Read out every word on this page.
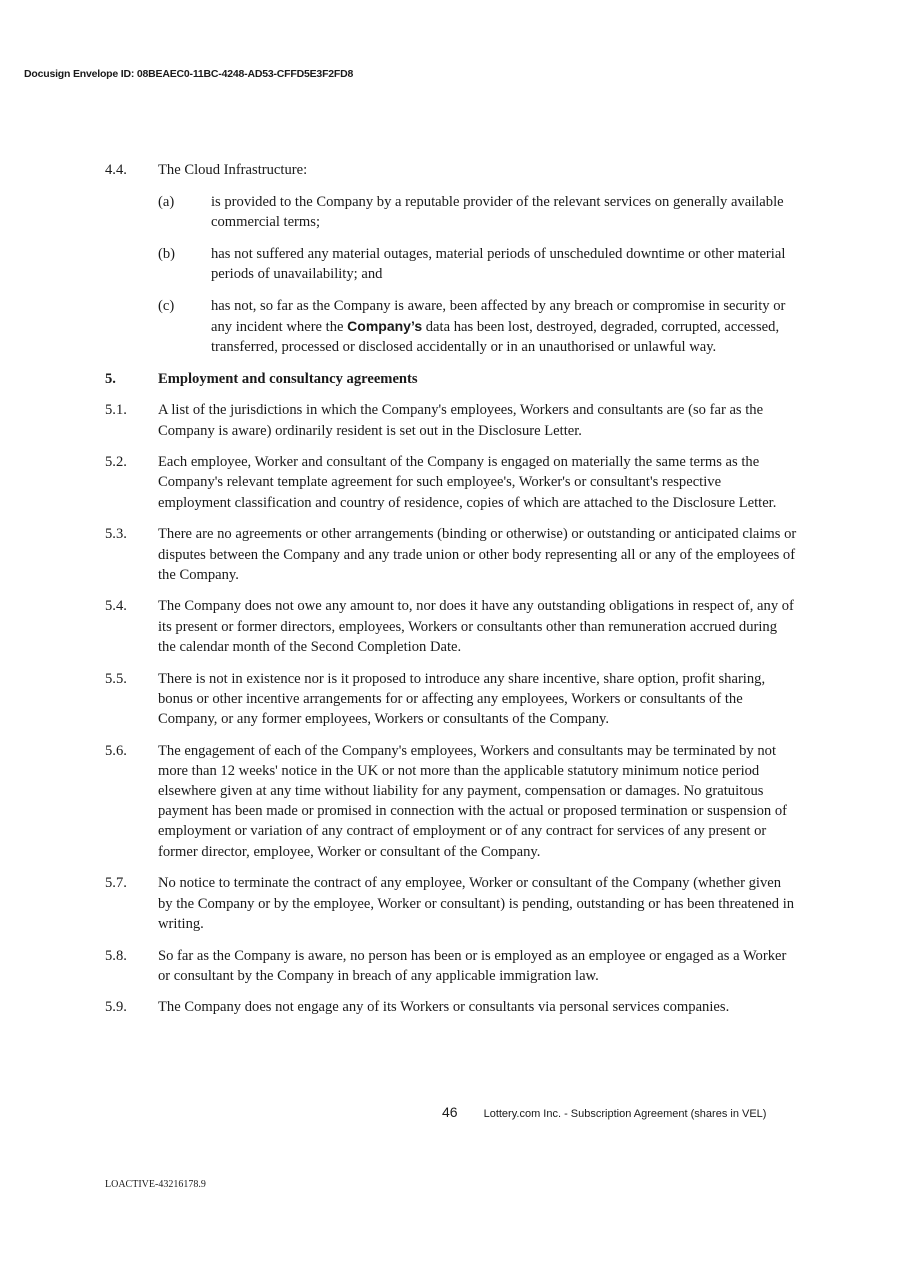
Docusign Envelope ID: 08BEAEC0-11BC-4248-AD53-CFFD5E3F2FD8
4.4.	The Cloud Infrastructure:
(a)	is provided to the Company by a reputable provider of the relevant services on generally available commercial terms;
(b)	has not suffered any material outages, material periods of unscheduled downtime or other material periods of unavailability; and
(c)	has not, so far as the Company is aware, been affected by any breach or compromise in security or any incident where the Company’s data has been lost, destroyed, degraded, corrupted, accessed, transferred, processed or disclosed accidentally or in an unauthorised or unlawful way.
5.	Employment and consultancy agreements
5.1.	A list of the jurisdictions in which the Company's employees, Workers and consultants are (so far as the Company is aware) ordinarily resident is set out in the Disclosure Letter.
5.2.	Each employee, Worker and consultant of the Company is engaged on materially the same terms as the Company's relevant template agreement for such employee's, Worker's or consultant's respective employment classification and country of residence, copies of which are attached to the Disclosure Letter.
5.3.	There are no agreements or other arrangements (binding or otherwise) or outstanding or anticipated claims or disputes between the Company and any trade union or other body representing all or any of the employees of the Company.
5.4.	The Company does not owe any amount to, nor does it have any outstanding obligations in respect of, any of its present or former directors, employees, Workers or consultants other than remuneration accrued during the calendar month of the Second Completion Date.
5.5.	There is not in existence nor is it proposed to introduce any share incentive, share option, profit sharing, bonus or other incentive arrangements for or affecting any employees, Workers or consultants of the Company, or any former employees, Workers or consultants of the Company.
5.6.	The engagement of each of the Company's employees, Workers and consultants may be terminated by not more than 12 weeks' notice in the UK or not more than the applicable statutory minimum notice period elsewhere given at any time without liability for any payment, compensation or damages. No gratuitous payment has been made or promised in connection with the actual or proposed termination or suspension of employment or variation of any contract of employment or of any contract for services of any present or former director, employee, Worker or consultant of the Company.
5.7.	No notice to terminate the contract of any employee, Worker or consultant of the Company (whether given by the Company or by the employee, Worker or consultant) is pending, outstanding or has been threatened in writing.
5.8.	So far as the Company is aware, no person has been or is employed as an employee or engaged as a Worker or consultant by the Company in breach of any applicable immigration law.
5.9.	The Company does not engage any of its Workers or consultants via personal services companies.
46 Lottery.com Inc. - Subscription Agreement (shares in VEL)
LOACTIVE-43216178.9
